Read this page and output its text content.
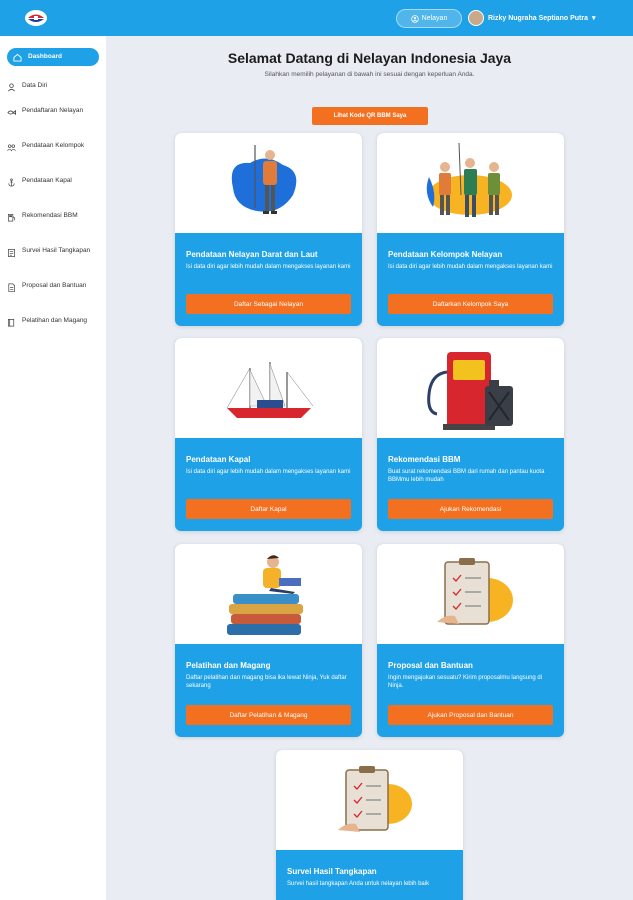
Nelayan	Rizky Nugraha Septiano Putra ▾
Dashboard
Data Diri
Pendaftaran Nelayan
Pendataan Kelompok
Pendataan Kapal
Rekomendasi BBM
Survei Hasil Tangkapan
Proposal dan Bantuan
Pelatihan dan Magang
Selamat Datang di Nelayan Indonesia Jaya
Silahkan memilih pelayanan di bawah ini sesuai dengan keperluan Anda.
Lihat Kode QR BBM Saya
Pendataan Nelayan Darat dan Laut
Isi data diri agar lebih mudah dalam mengakses layanan kami
Daftar Sebagai Nelayan
Pendataan Kelompok Nelayan
Isi data diri agar lebih mudah dalam mengakses layanan kami
Daftarkan Kelompok Saya
Pendataan Kapal
Isi data diri agar lebih mudah dalam mengakses layanan kami
Daftar Kapal
Rekomendasi BBM
Buat surat rekomendasi BBM dari rumah dan pantau kuota BBMmu lebih mudah
Ajukan Rekomendasi
Pelatihan dan Magang
Daftar pelatihan dan magang bisa ika lewat Ninja, Yuk daftar sekarang
Daftar Pelatihan & Magang
Proposal dan Bantuan
Ingin mengajukan sesuatu? Kirim proposalmu langsung di Ninja.
Ajukan Proposal dan Bantuan
Survei Hasil Tangkapan
Survei hasil tangkapan Anda untuk nelayan lebih baik
